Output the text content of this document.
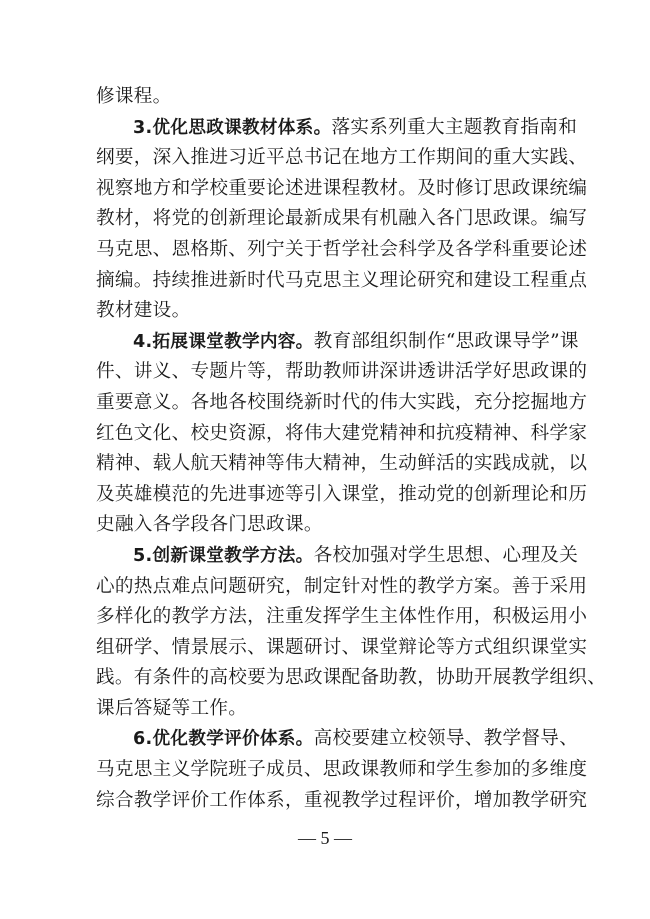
修课程。
3.优化思政课教材体系。落实系列重大主题教育指南和
纲要，深入推进习近平总书记在地方工作期间的重大实践、
视察地方和学校重要论述进课程教材。及时修订思政课统编
教材，将党的创新理论最新成果有机融入各门思政课。编写
马克思、恩格斯、列宁关于哲学社会科学及各学科重要论述
摘编。持续推进新时代马克思主义理论研究和建设工程重点
教材建设。
4.拓展课堂教学内容。教育部组织制作“思政课导学”课
件、讲义、专题片等，帮助教师讲深讲透讲活学好思政课的
重要意义。各地各校围绕新时代的伟大实践，充分挖掘地方
红色文化、校史资源，将伟大建党精神和抗疫精神、科学家
精神、载人航天精神等伟大精神，生动鲜活的实践成就，以
及英雄模范的先进事迹等引入课堂，推动党的创新理论和历
史融入各学段各门思政课。
5.创新课堂教学方法。各校加强对学生思想、心理及关
心的热点难点问题研究，制定针对性的教学方案。善于采用
多样化的教学方法，注重发挥学生主体性作用，积极运用小
组研学、情景展示、课题研讨、课堂辩论等方式组织课堂实
践。有条件的高校要为思政课配备助教，协助开展教学组织、
课后答疑等工作。
6.优化教学评价体系。高校要建立校领导、教学督导、
马克思主义学院班子成员、思政课教师和学生参加的多维度
综合教学评价工作体系，重视教学过程评价，增加教学研究
— 5 —
